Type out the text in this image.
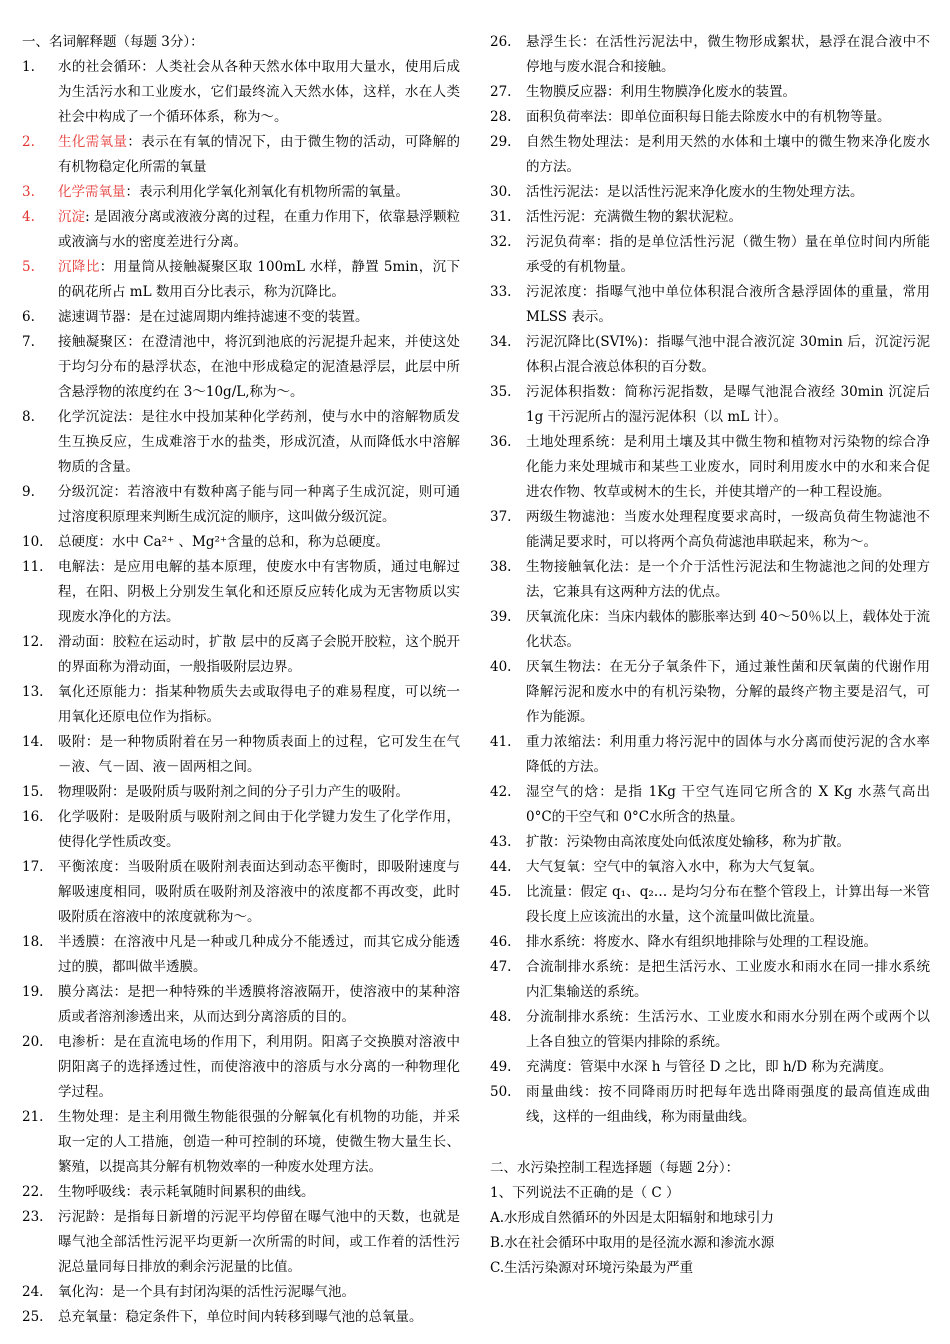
一、名词解释题（每题 3分）：
1.	水的社会循环：人类社会从各种天然水体中取用大量水，使用后成为生活污水和工业废水，它们最终流入天然水体，这样，水在人类社会中构成了一个循环体系，称为～。
2.	生化需氧量：表示在有氧的情况下，由于微生物的活动，可降解的有机物稳定化所需的氧量
3.	化学需氧量：表示利用化学氧化剂氧化有机物所需的氧量。
4.	沉淀: 是固液分离或液液分离的过程，在重力作用下，依靠悬浮颗粒或液滴与水的密度差进行分离。
5.	沉降比：用量筒从接触凝聚区取 100mL 水样，静置 5min，沉下的矾花所占 mL 数用百分比表示，称为沉降比。
6.	滤速调节器：是在过滤周期内维持滤速不变的装置。
7.	接触凝聚区：在澄清池中，将沉到池底的污泥提升起来，并使这处于均匀分布的悬浮状态，在池中形成稳定的泥渣悬浮层，此层中所含悬浮物的浓度约在 3～10g/L,称为～。
8.	化学沉淀法：是往水中投加某种化学药剂，使与水中的溶解物质发生互换反应，生成难溶于水的盐类，形成沉渣，从而降低水中溶解物质的含量。
9.	分级沉淀：若溶液中有数种离子能与同一种离子生成沉淀，则可通过溶度积原理来判断生成沉淀的顺序，这叫做分级沉淀。
10.	总硬度：水中 Ca²⁺ 、Mg²⁺含量的总和，称为总硬度。
11.	电解法：是应用电解的基本原理，使废水中有害物质，通过电解过程，在阳、阴极上分别发生氧化和还原反应转化成为无害物质以实现废水净化的方法。
12.	滑动面：胶粒在运动时，扩散 层中的反离子会脱开胶粒，这个脱开的界面称为滑动面，一般指吸附层边界。
13.	氧化还原能力：指某种物质失去或取得电子的难易程度，可以统一用氧化还原电位作为指标。
14.	吸附：是一种物质附着在另一种物质表面上的过程，它可发生在气－液、气－固、液－固两相之间。
15.	物理吸附：是吸附质与吸附剂之间的分子引力产生的吸附。
16.	化学吸附：是吸附质与吸附剂之间由于化学键力发生了化学作用，使得化学性质改变。
17.	平衡浓度：当吸附质在吸附剂表面达到动态平衡时，即吸附速度与解吸速度相同，吸附质在吸附剂及溶液中的浓度都不再改变，此时吸附质在溶液中的浓度就称为～。
18.	半透膜：在溶液中凡是一种或几种成分不能透过，而其它成分能透过的膜，都叫做半透膜。
19.	膜分离法：是把一种特殊的半透膜将溶液隔开，使溶液中的某种溶质或者溶剂渗透出来，从而达到分离溶质的目的。
20.	电渗析：是在直流电场的作用下，利用阴。阳离子交换膜对溶液中阴阳离子的选择透过性，而使溶液中的溶质与水分离的一种物理化学过程。
21.	生物处理：是主利用微生物能很强的分解氧化有机物的功能，并采取一定的人工措施，创造一种可控制的环境，使微生物大量生长、繁殖，以提高其分解有机物效率的一种废水处理方法。
22.	生物呼吸线：表示耗氧随时间累积的曲线。
23.	污泥龄：是指每日新增的污泥平均停留在曝气池中的天数，也就是曝气池全部活性污泥平均更新一次所需的时间，或工作着的活性污泥总量同每日排放的剩余污泥量的比值。
24.	氧化沟：是一个具有封闭沟渠的活性污泥曝气池。
25.	总充氧量：稳定条件下，单位时间内转移到曝气池的总氧量。
26.	悬浮生长：在活性污泥法中，微生物形成絮状，悬浮在混合液中不停地与废水混合和接触。
27.	生物膜反应器：利用生物膜净化废水的装置。
28.	面积负荷率法：即单位面积每日能去除废水中的有机物等量。
29.	自然生物处理法：是利用天然的水体和土壤中的微生物来净化废水的方法。
30.	活性污泥法：是以活性污泥来净化废水的生物处理方法。
31.	活性污泥：充满微生物的絮状泥粒。
32.	污泥负荷率：指的是单位活性污泥（微生物）量在单位时间内所能承受的有机物量。
33.	污泥浓度：指曝气池中单位体积混合液所含悬浮固体的重量，常用 MLSS 表示。
34.	污泥沉降比(SVI%)：指曝气池中混合液沉淀 30min 后，沉淀污泥体积占混合液总体积的百分数。
35.	污泥体积指数：简称污泥指数，是曝气池混合液经 30min 沉淀后 1g 干污泥所占的湿污泥体积（以 mL 计）。
36.	土地处理系统：是利用土壤及其中微生物和植物对污染物的综合净化能力来处理城市和某些工业废水，同时利用废水中的水和来合促进农作物、牧草或树木的生长，并使其增产的一种工程设施。
37.	两级生物滤池：当废水处理程度要求高时，一级高负荷生物滤池不能满足要求时，可以将两个高负荷滤池串联起来，称为～。
38.	生物接触氧化法：是一个介于活性污泥法和生物滤池之间的处理方法，它兼具有这两种方法的优点。
39.	厌氧流化床：当床内载体的膨胀率达到 40～50％以上，载体处于流化状态。
40.	厌氧生物法：在无分子氧条件下，通过兼性菌和厌氧菌的代谢作用降解污泥和废水中的有机污染物，分解的最终产物主要是沼气，可作为能源。
41.	重力浓缩法：利用重力将污泥中的固体与水分离而使污泥的含水率降低的方法。
42.	湿空气的焓：是指 1Kg 干空气连同它所含的 X Kg 水蒸气高出 0°C的干空气和 0°C水所含的热量。
43.	扩散：污染物由高浓度处向低浓度处输移，称为扩散。
44.	大气复氧：空气中的氧溶入水中，称为大气复氧。
45.	比流量：假定 q₁、q₂… 是均匀分布在整个管段上，计算出每一米管段长度上应该流出的水量，这个流量叫做比流量。
46.	排水系统：将废水、降水有组织地排除与处理的工程设施。
47.	合流制排水系统：是把生活污水、工业废水和雨水在同一排水系统内汇集输送的系统。
48.	分流制排水系统：生活污水、工业废水和雨水分别在两个或两个以上各自独立的管渠内排除的系统。
49.	充满度：管渠中水深 h 与管径 D 之比，即 h/D 称为充满度。
50.	雨量曲线：按不同降雨历时把每年选出降雨强度的最高值连成曲线，这样的一组曲线，称为雨量曲线。
二、水污染控制工程选择题（每题 2分）：
1、下列说法不正确的是（ C ）
A.水形成自然循环的外因是太阳辐射和地球引力
B.水在社会循环中取用的是径流水源和渗流水源
C.生活污染源对环境污染最为严重
